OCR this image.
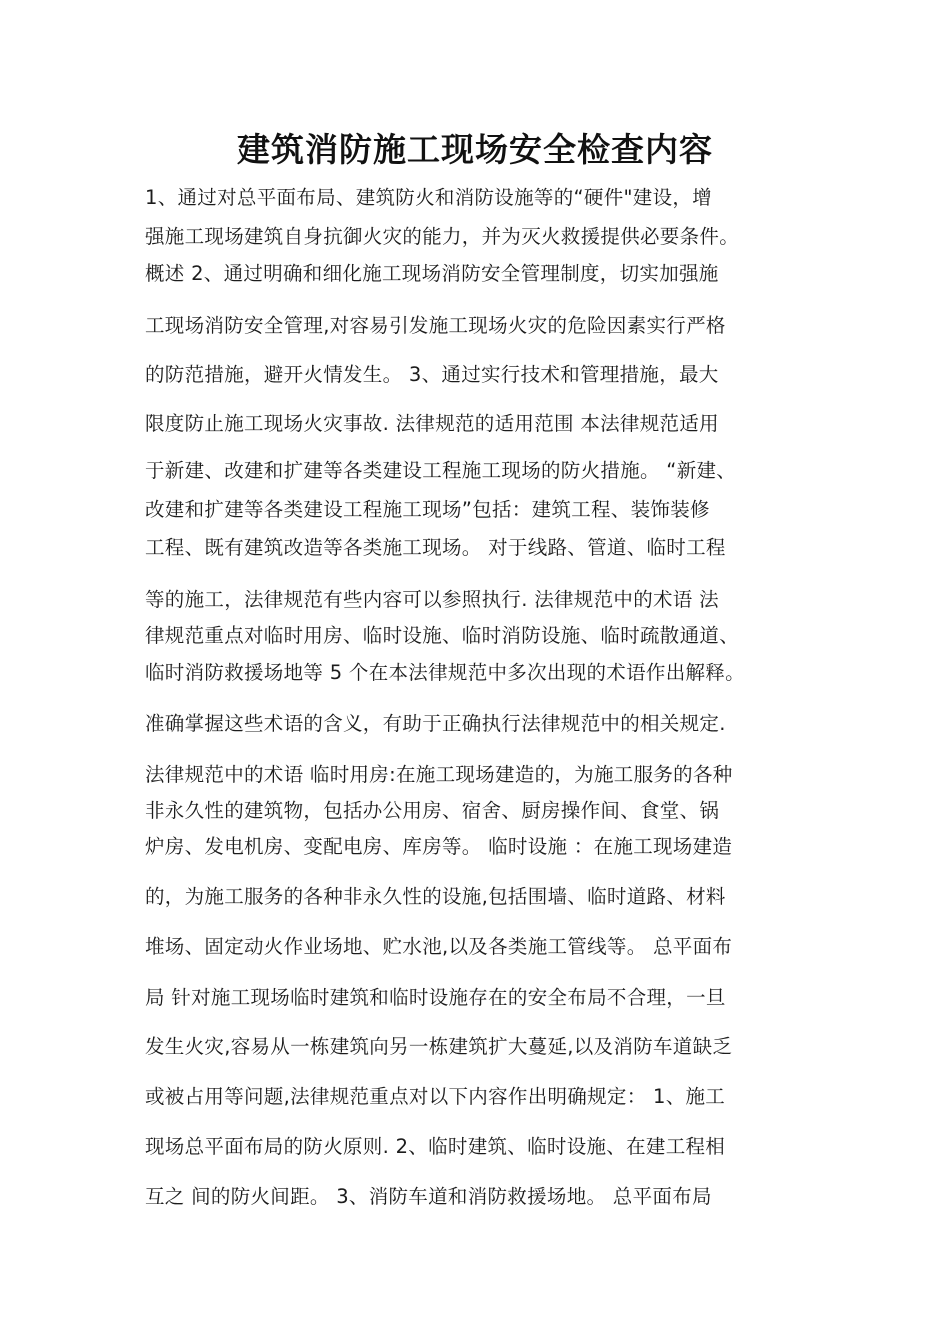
建筑消防施工现场安全检查内容
1、通过对总平面布局、建筑防火和消防设施等的“硬件"建设，增
强施工现场建筑自身抗御火灾的能力，并为灭火救援提供必要条件。
概述 2、通过明确和细化施工现场消防安全管理制度，切实加强施
工现场消防安全管理,对容易引发施工现场火灾的危险因素实行严格
的防范措施，避开火情发生。 3、通过实行技术和管理措施，最大
限度防止施工现场火灾事故. 法律规范的适用范围 本法律规范适用
于新建、改建和扩建等各类建设工程施工现场的防火措施。 “新建、
改建和扩建等各类建设工程施工现场”包括：建筑工程、装饰装修
工程、既有建筑改造等各类施工现场。 对于线路、管道、临时工程
等的施工，法律规范有些内容可以参照执行. 法律规范中的术语 法
律规范重点对临时用房、临时设施、临时消防设施、临时疏散通道、
临时消防救援场地等 5 个在本法律规范中多次出现的术语作出解释。
准确掌握这些术语的含义，有助于正确执行法律规范中的相关规定.
法律规范中的术语 临时用房:在施工现场建造的，为施工服务的各种
非永久性的建筑物，包括办公用房、宿舍、厨房操作间、食堂、锅
炉房、发电机房、变配电房、库房等。 临时设施 ：在施工现场建造
的，为施工服务的各种非永久性的设施,包括围墙、临时道路、材料
堆场、固定动火作业场地、贮水池,以及各类施工管线等。 总平面布
局 针对施工现场临时建筑和临时设施存在的安全布局不合理，一旦
发生火灾,容易从一栋建筑向另一栋建筑扩大蔓延,以及消防车道缺乏
或被占用等问题,法律规范重点对以下内容作出明确规定： 1、施工
现场总平面布局的防火原则. 2、临时建筑、临时设施、在建工程相
互之 间的防火间距。 3、消防车道和消防救援场地。 总平面布局
